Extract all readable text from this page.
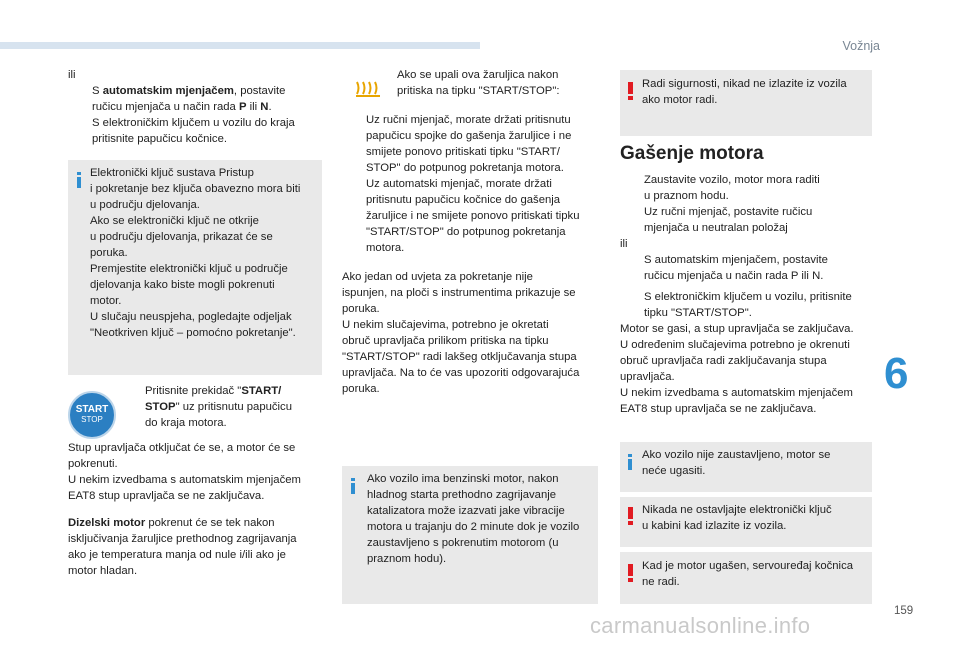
Vožnja
6
159
carmanualsonline.info

ili

S automatskim mjenjačem, postavite ručicu mjenjača u način rada P ili N.
S elektroničkim ključem u vozilu do kraja pritisnite papučicu kočnice.

Elektronički ključ sustava Pristup

i pokretanje bez ključa obavezno mora biti

u području djelovanja.

Ako se elektronički ključ ne otkrije

u području djelovanja, prikazat će se

poruka.

Premjestite elektronički ključ u područje

djelovanja kako biste mogli pokrenuti

motor.

U slučaju neuspjeha, pogledajte odjeljak

"Neotkriven ključ – pomoćno pokretanje".

START
STOP
Pritisnite prekidač "START/
STOP" uz pritisnutu papučicu
do kraja motora.

Stup upravljača otključat će se, a motor će se

pokrenuti.

U nekim izvedbama s automatskim mjenjačem

EAT8 stup upravljača se ne zaključava.

Dizelski motor pokrenut će se tek nakon

isključivanja žaruljice prethodnog zagrijavanja

ako je temperatura manja od nule i/ili ako je

motor hladan.

Ako se upali ova žaruljica nakon

pritiska na tipku "START/STOP":

Uz ručni mjenjač, morate držati pritisnutu

papučicu spojke do gašenja žaruljice i ne

smijete ponovo pritiskati tipku "START/

STOP" do potpunog pokretanja motora.

Uz automatski mjenjač, morate držati

pritisnutu papučicu kočnice do gašenja

žaruljice i ne smijete ponovo pritiskati tipku

"START/STOP" do potpunog pokretanja

motora.

Ako jedan od uvjeta za pokretanje nije

ispunjen, na ploči s instrumentima prikazuje se

poruka.

U nekim slučajevima, potrebno je okretati

obruč upravljača prilikom pritiska na tipku

"START/STOP" radi lakšeg otključavanja stupa

upravljača. Na to će vas upozoriti odgovarajuća

poruka.

Ako vozilo ima benzinski motor, nakon

hladnog starta prethodno zagrijavanje

katalizatora može izazvati jake vibracije

motora u trajanju do 2 minute dok je vozilo

zaustavljeno s pokrenutim motorom (u

praznom hodu).

Radi sigurnosti, nikad ne izlazite iz vozila

ako motor radi.

Gašenje motora

Zaustavite vozilo, motor mora raditi

u praznom hodu.

Uz ručni mjenjač, postavite ručicu

mjenjača u neutralan položaj

ili

S automatskim mjenjačem, postavite

ručicu mjenjača u način rada P ili N.

S elektroničkim ključem u vozilu, pritisnite

tipku "START/STOP".

Motor se gasi, a stup upravljača se zaključava.

U određenim slučajevima potrebno je okrenuti

obruč upravljača radi zaključavanja stupa

upravljača.

U nekim izvedbama s automatskim mjenjačem

EAT8 stup upravljača se ne zaključava.

Ako vozilo nije zaustavljeno, motor se

neće ugasiti.

Nikada ne ostavljajte elektronički ključ

u kabini kad izlazite iz vozila.

Kad je motor ugašen, servouređaj kočnica

ne radi.
